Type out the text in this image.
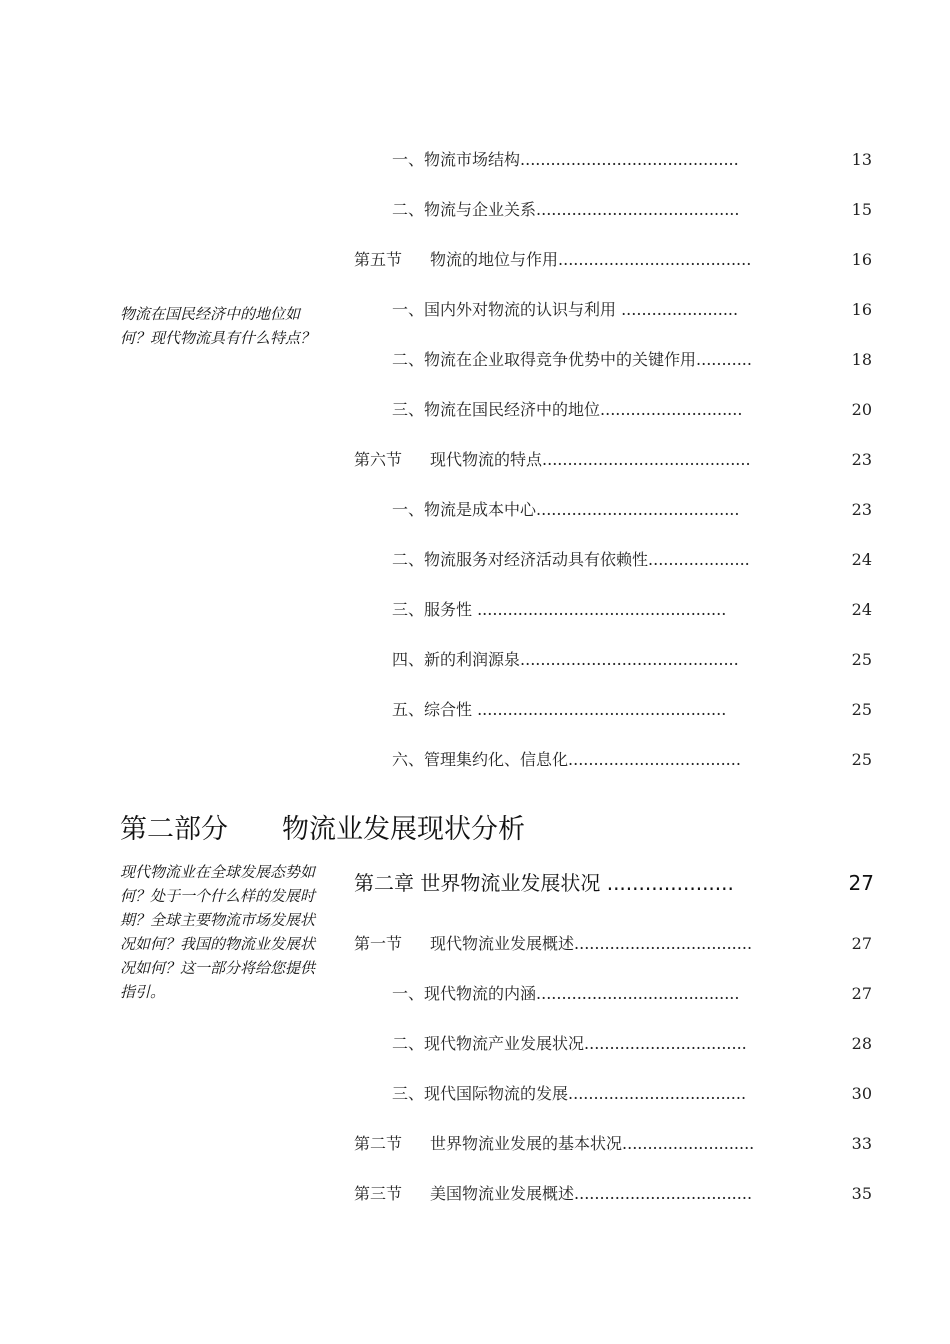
一、物流市场结构...........................................	13
二、物流与企业关系........................................	15
第五节 物流的地位与作用......................................	16
一、国内外对物流的认识与利用 .......................	16
二、物流在企业取得竞争优势中的关键作用...........	18
三、物流在国民经济中的地位............................	20
第六节 现代物流的特点.........................................	23
一、物流是成本中心........................................	23
二、物流服务对经济活动具有依赖性....................	24
三、服务性 .................................................	24
四、新的利润源泉...........................................	25
五、综合性 .................................................	25
六、管理集约化、信息化..................................	25
物流在国民经济中的地位如何？现代物流具有什么特点？
第二部分 物流业发展现状分析
现代物流业在全球发展态势如何？处于一个什么样的发展时期？全球主要物流市场发展状况如何？我国的物流业发展状况如何？这一部分将给您提供指引。
第二章 世界物流业发展状况 ....................	27
第一节 现代物流业发展概述...................................	27
一、现代物流的内涵........................................	27
二、现代物流产业发展状况................................	28
三、现代国际物流的发展...................................	30
第二节 世界物流业发展的基本状况..........................	33
第三节 美国物流业发展概述...................................	35
